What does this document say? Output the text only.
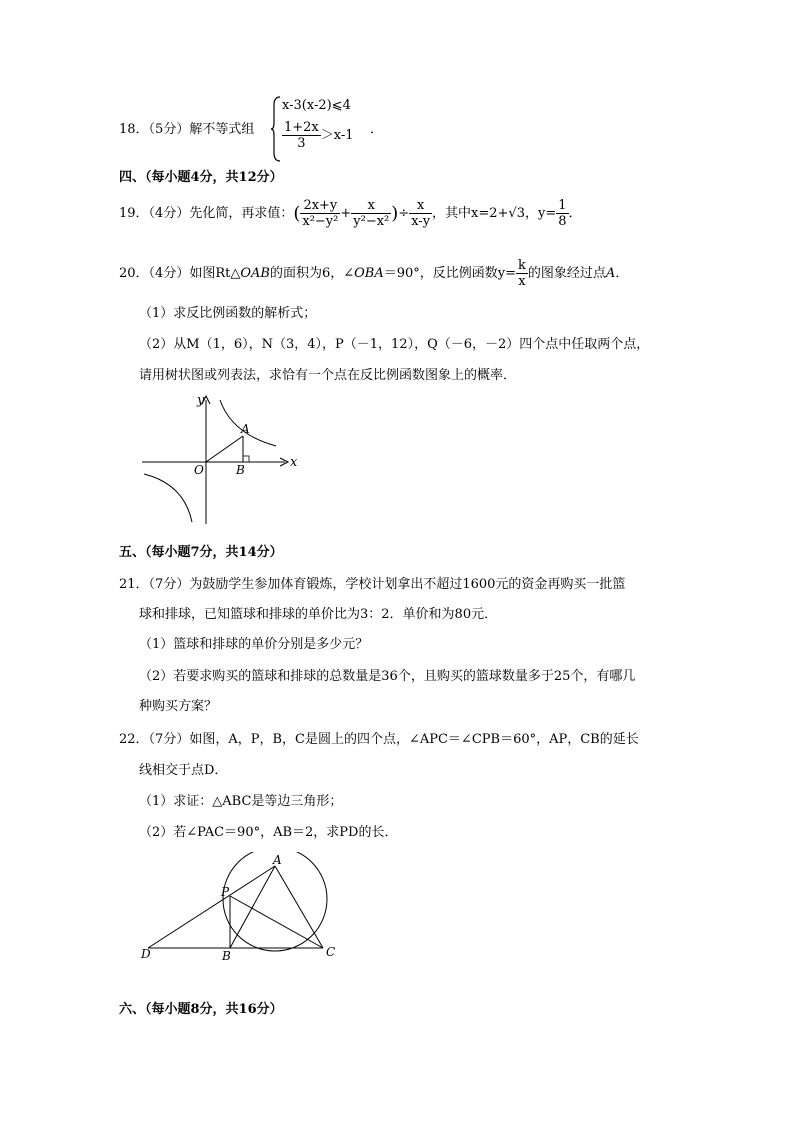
18．（5分）解不等式组
x-3(x-2)⩽4
$\frac{1+2x}{3} >x-1$ ．
四、（每小题4分，共12分）
19．（4分）先化简，再求值：( $\frac{2x+y}{\text{x²−y²}} + \frac{x}{\text{y²−x²}}$ )÷ $\frac{x}{x-y}$ ，其中x=2+√3，$y= \frac{1}{8}$ ．
20．（4分）如图Rt△OAB的面积为6，∠OBA＝90°，反比例函数$y= \frac{k}{x}$ 的图象经过点A．
（1）求反比例函数的解析式；
（2）从M（1，6），N（3，4），P（－1，12），Q（－6，－2）四个点中任取两个点，
请用树状图或列表法，求恰有一个点在反比例函数图象上的概率．
y
x
O
A
B
五、（每小题7分，共14分）
21．（7分）为鼓励学生参加体育锻炼，学校计划拿出不超过1600元的资金再购买一批篮
球和排球，已知篮球和排球的单价比为3：2．单价和为80元．
（1）篮球和排球的单价分别是多少元？
（2）若要求购买的篮球和排球的总数量是36个，且购买的篮球数量多于25个，有哪几
种购买方案？
22．（7分）如图，A，P，B，C是圆上的四个点，∠APC＝∠CPB＝60°，AP，CB的延长
线相交于点D．
（1）求证：△ABC是等边三角形；
（2）若∠PAC＝90°，AB＝2，求PD的长．
A
P
B	C
D
六、（每小题8分，共16分）
